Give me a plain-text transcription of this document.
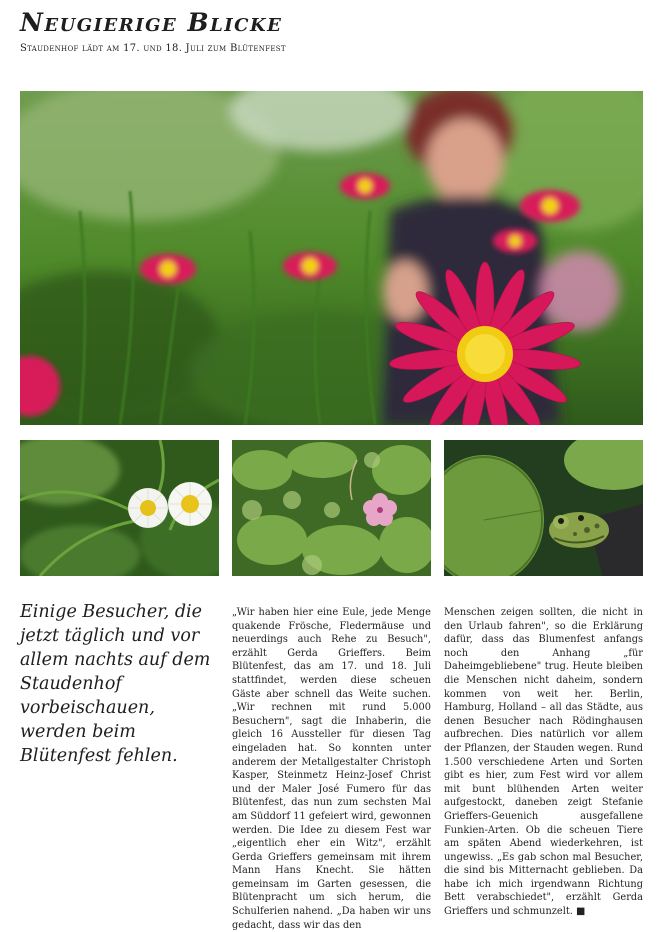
Neugierige Blicke
Staudenhof lädt am 17. und 18. Juli zum Blütenfest

Einige Besucher, die jetzt täglich und vor allem nachts auf dem Staudenhof vorbeischauen, werden beim Blütenfest fehlen.

„Wir haben hier eine Eule, jede Menge quakende Frösche, Fledermäuse und neuerdings auch Rehe zu Besuch", erzählt Gerda Grieffers. Beim Blütenfest, das am 17. und 18. Juli stattfindet, werden diese scheuen Gäste aber schnell das Weite suchen. „Wir rechnen mit rund 5.000 Besuchern", sagt die Inhaberin, die gleich 16 Aussteller für diesen Tag eingeladen hat. So konnten unter anderem der Metallgestalter Christoph Kasper, Steinmetz Heinz-Josef Christ und der Maler José Fumero für das Blütenfest, das nun zum sechsten Mal am Süddorf 11 gefeiert wird, gewonnen werden. Die Idee zu diesem Fest war „eigentlich eher ein Witz", erzählt Gerda Grieffers gemeinsam mit ihrem Mann Hans Knecht. Sie hätten gemeinsam im Garten gesessen, die Blütenpracht um sich herum, die Schulferien nahend. „Da haben wir uns gedacht, dass wir das den

Menschen zeigen sollten, die nicht in den Urlaub fahren", so die Erklärung dafür, dass das Blumenfest anfangs noch den Anhang „für Daheimgebliebene" trug. Heute bleiben die Menschen nicht daheim, sondern kommen von weit her. Berlin, Hamburg, Holland – all das Städte, aus denen Besucher nach Rödinghausen aufbrechen. Dies natürlich vor allem der Pflanzen, der Stauden wegen. Rund 1.500 verschiedene Arten und Sorten gibt es hier, zum Fest wird vor allem mit bunt blühenden Arten weiter aufgestockt, daneben zeigt Stefanie Grieffers-Geuenich ausgefallene Funkien-Arten. Ob die scheuen Tiere am späten Abend wiederkehren, ist ungewiss. „Es gab schon mal Besucher, die sind bis Mitternacht geblieben. Da habe ich mich irgendwann Richtung Bett verabschiedet", erzählt Gerda Grieffers und schmunzelt. ■
